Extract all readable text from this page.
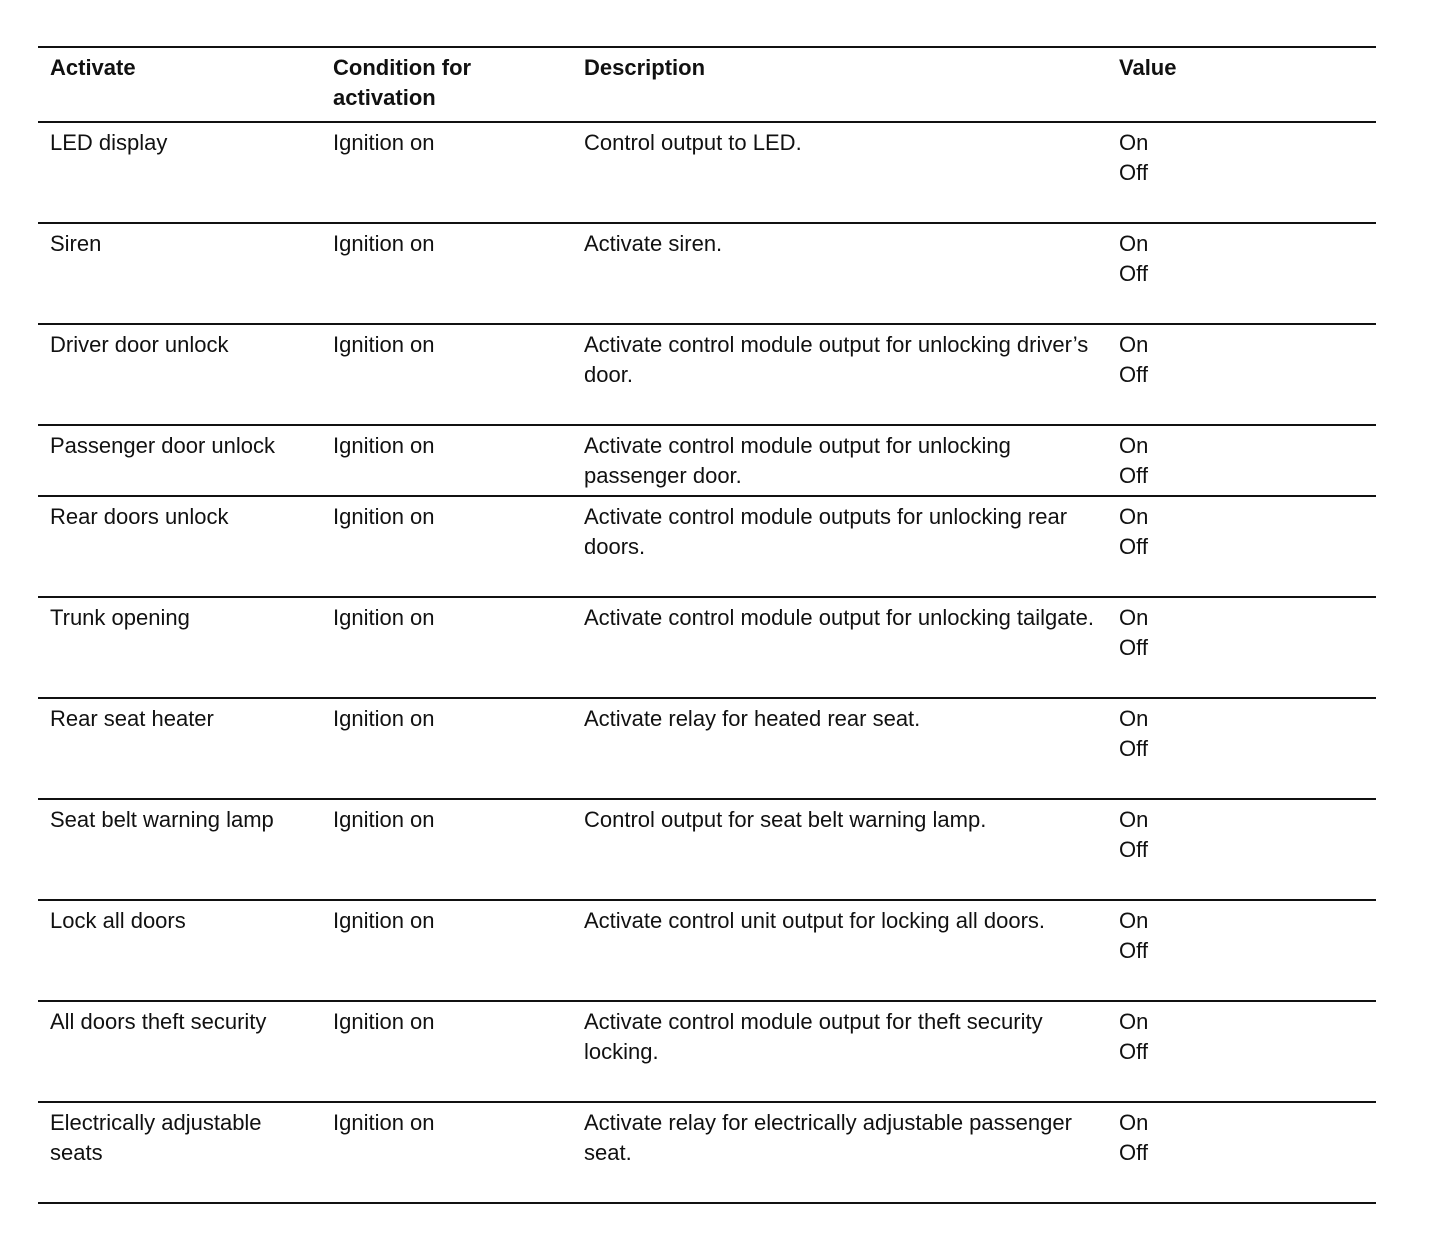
Activate	Condition for activation	Description	Value
LED display	Ignition on	Control output to LED.	On
Off

Siren	Ignition on	Activate siren.	On
Off

Driver door unlock	Ignition on	Activate control module output for unlocking driver’s door.	On
Off

Passenger door unlock	Ignition on	Activate control module output for unlocking passenger door.	On
Off

Rear doors unlock	Ignition on	Activate control module outputs for unlocking rear doors.	On
Off

Trunk opening	Ignition on	Activate control module output for unlocking tailgate.	On
Off

Rear seat heater	Ignition on	Activate relay for heated rear seat.	On
Off

Seat belt warning lamp	Ignition on	Control output for seat belt warning lamp.	On
Off

Lock all doors	Ignition on	Activate control unit output for locking all doors.	On
Off

All doors theft security	Ignition on	Activate control module output for theft security locking.	On
Off

Electrically adjustable seats	Ignition on	Activate relay for electrically adjustable passenger seat.	On
Off
